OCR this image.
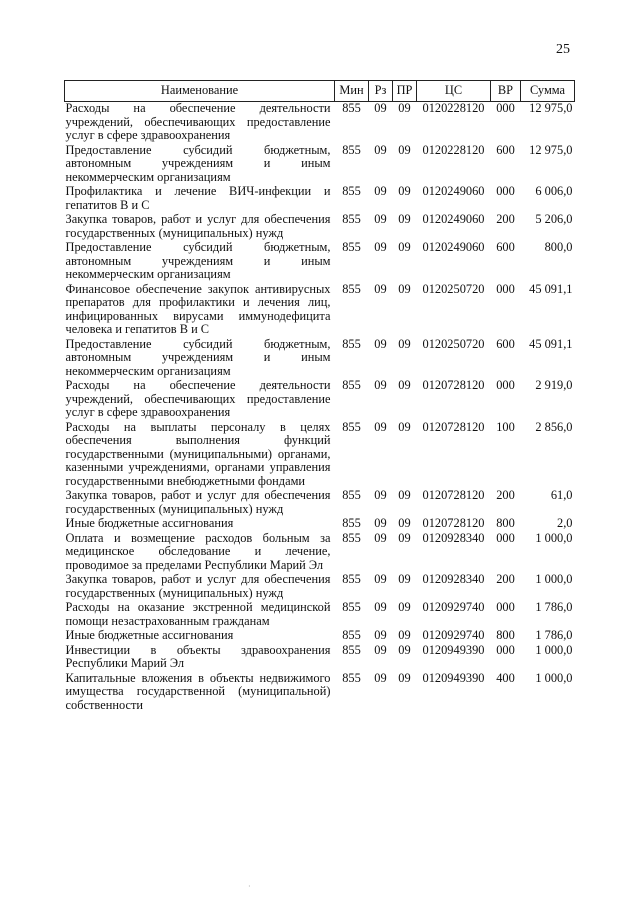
25
Наименование	Мин	Рз	ПР	ЦС	ВР	Сумма
Расходы на обеспечение деятельности учреждений, обеспечивающих предоставление услуг в сфере здравоохранения	855	09	09	0120228120	000	12 975,0
Предоставление субсидий бюджетным, автономным учреждениям и иным некоммерческим организациям	855	09	09	0120228120	600	12 975,0
Профилактика и лечение ВИЧ-инфекции и гепатитов В и С	855	09	09	0120249060	000	6 006,0
Закупка товаров, работ и услуг для обеспечения государственных (муниципальных) нужд	855	09	09	0120249060	200	5 206,0
Предоставление субсидий бюджетным, автономным учреждениям и иным некоммерческим организациям	855	09	09	0120249060	600	800,0
Финансовое обеспечение закупок антивирусных препаратов для профилактики и лечения лиц, инфицированных вирусами иммунодефицита человека и гепатитов В и С	855	09	09	0120250720	000	45 091,1
Предоставление субсидий бюджетным, автономным учреждениям и иным некоммерческим организациям	855	09	09	0120250720	600	45 091,1
Расходы на обеспечение деятельности учреждений, обеспечивающих предоставление услуг в сфере здравоохранения	855	09	09	0120728120	000	2 919,0
Расходы на выплаты персоналу в целях обеспечения выполнения функций государственными (муниципальными) органами, казенными учреждениями, органами управления государственными внебюджетными фондами	855	09	09	0120728120	100	2 856,0
Закупка товаров, работ и услуг для обеспечения государственных (муниципальных) нужд	855	09	09	0120728120	200	61,0
Иные бюджетные ассигнования	855	09	09	0120728120	800	2,0
Оплата и возмещение расходов больным за медицинское обследование и лечение, проводимое за пределами Республики Марий Эл	855	09	09	0120928340	000	1 000,0
Закупка товаров, работ и услуг для обеспечения государственных (муниципальных) нужд	855	09	09	0120928340	200	1 000,0
Расходы на оказание экстренной медицинской помощи незастрахованным гражданам	855	09	09	0120929740	000	1 786,0
Иные бюджетные ассигнования	855	09	09	0120929740	800	1 786,0
Инвестиции в объекты здравоохранения Республики Марий Эл	855	09	09	0120949390	000	1 000,0
Капитальные вложения в объекты недвижимого имущества государственной (муниципальной) собственности	855	09	09	0120949390	400	1 000,0
·
